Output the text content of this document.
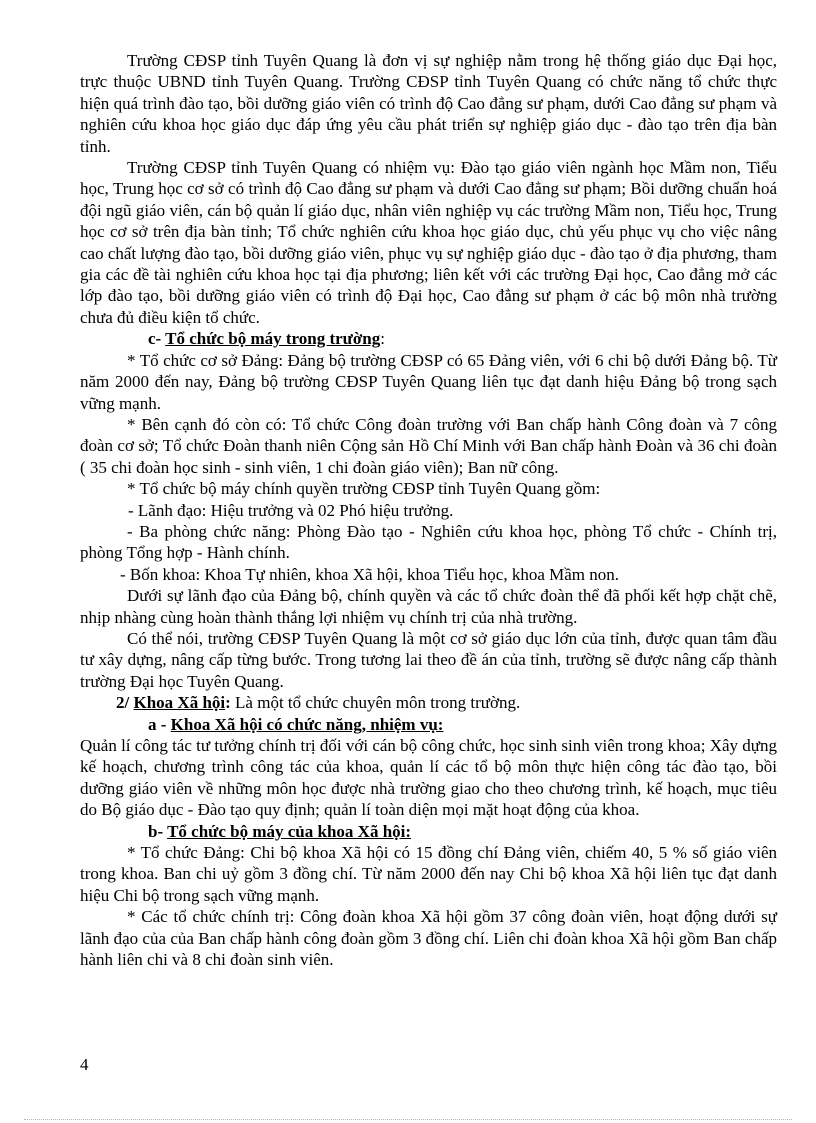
Trường CĐSP tỉnh Tuyên Quang là đơn vị sự nghiệp nằm trong hệ thống giáo dục Đại học, trực thuộc UBND tỉnh Tuyên Quang. Trường CĐSP tỉnh Tuyên Quang có chức năng tổ chức thực hiện quá trình đào tạo, bồi dưỡng giáo viên có trình độ Cao đẳng sư phạm, dưới Cao đẳng sư phạm và nghiên cứu khoa học giáo dục đáp ứng yêu cầu phát triển sự nghiệp giáo dục - đào tạo trên địa bàn tỉnh.

Trường CĐSP tỉnh Tuyên Quang có nhiệm vụ: Đào tạo giáo viên ngành học Mầm non, Tiểu học, Trung học cơ sở có trình độ Cao đẳng sư phạm và dưới Cao đẳng sư phạm; Bồi dưỡng chuẩn hoá đội ngũ giáo viên, cán bộ quản lí giáo dục, nhân viên nghiệp vụ các trường Mầm non, Tiểu học, Trung học cơ sở trên địa bàn tỉnh; Tổ chức nghiên cứu khoa học giáo dục, chủ yếu phục vụ cho việc nâng cao chất lượng đào tạo, bồi dưỡng giáo viên, phục vụ sự nghiệp giáo dục - đào tạo ở địa phương, tham gia các đề tài nghiên cứu khoa học tại địa phương; liên kết với các trường Đại học, Cao đẳng mở các lớp đào tạo, bồi dưỡng giáo viên có trình độ Đại học, Cao đẳng sư phạm ở các bộ môn nhà trường chưa đủ điều kiện tổ chức.

c- Tổ chức bộ máy trong trường:

* Tổ chức cơ sở Đảng: Đảng bộ trường CĐSP có 65 Đảng viên, với 6 chi bộ dưới Đảng bộ. Từ năm 2000 đến nay, Đảng bộ trường CĐSP Tuyên Quang liên tục đạt danh hiệu Đảng bộ trong sạch vững mạnh.

* Bên cạnh đó còn có: Tổ chức Công đoàn trường với Ban chấp hành Công đoàn và 7 công đoàn cơ sở; Tổ chức Đoàn thanh niên Cộng sản Hồ Chí Minh với Ban chấp hành Đoàn và 36 chi đoàn ( 35 chi đoàn học sinh - sinh viên, 1 chi đoàn giáo viên); Ban nữ công.

* Tổ chức bộ máy chính quyền trường CĐSP tỉnh Tuyên Quang gồm:

- Lãnh đạo: Hiệu trưởng và 02 Phó hiệu trưởng.

- Ba phòng chức năng: Phòng Đào tạo - Nghiên cứu khoa học, phòng Tổ chức - Chính trị, phòng Tổng hợp - Hành chính.

- Bốn khoa: Khoa Tự nhiên, khoa Xã hội, khoa Tiểu học, khoa Mầm non.

Dưới sự lãnh đạo của Đảng bộ, chính quyền và các tổ chức đoàn thể đã phối kết hợp chặt chẽ, nhịp nhàng cùng hoàn thành thắng lợi nhiệm vụ chính trị của nhà trường.

Có thể nói, trường CĐSP Tuyên Quang là một cơ sở giáo dục lớn của tỉnh, được quan tâm đầu tư xây dựng, nâng cấp từng bước. Trong tương lai theo đề án của tỉnh, trường sẽ được nâng cấp thành trường Đại học Tuyên Quang.

2/ Khoa Xã hội: Là một tổ chức chuyên môn trong trường.

a - Khoa Xã hội có chức năng, nhiệm vụ:

Quản lí công tác tư tưởng chính trị đối với cán bộ công chức, học sinh sinh viên trong khoa; Xây dựng kế hoạch, chương trình công tác của khoa, quản lí các tổ bộ môn thực hiện công tác đào tạo, bồi dưỡng giáo viên về những môn học được nhà trường giao cho theo chương trình, kế hoạch, mục tiêu do Bộ giáo dục - Đào tạo quy định; quản lí toàn diện mọi mặt hoạt động của khoa.

b- Tổ chức bộ máy của khoa Xã hội:

* Tổ chức Đảng: Chi bộ khoa Xã hội có 15 đồng chí Đảng viên, chiếm 40, 5 % số giáo viên trong khoa. Ban chi uỷ gồm 3 đồng chí. Từ năm 2000 đến nay Chi bộ khoa Xã hội liên tục đạt danh hiệu Chi bộ trong sạch vững mạnh.

* Các tổ chức chính trị: Công đoàn khoa Xã hội gồm 37 công đoàn viên, hoạt động dưới sự lãnh đạo của của Ban chấp hành công đoàn gồm 3 đồng chí. Liên chi đoàn khoa Xã hội gồm Ban chấp hành liên chi và 8 chi đoàn sinh viên.

4
